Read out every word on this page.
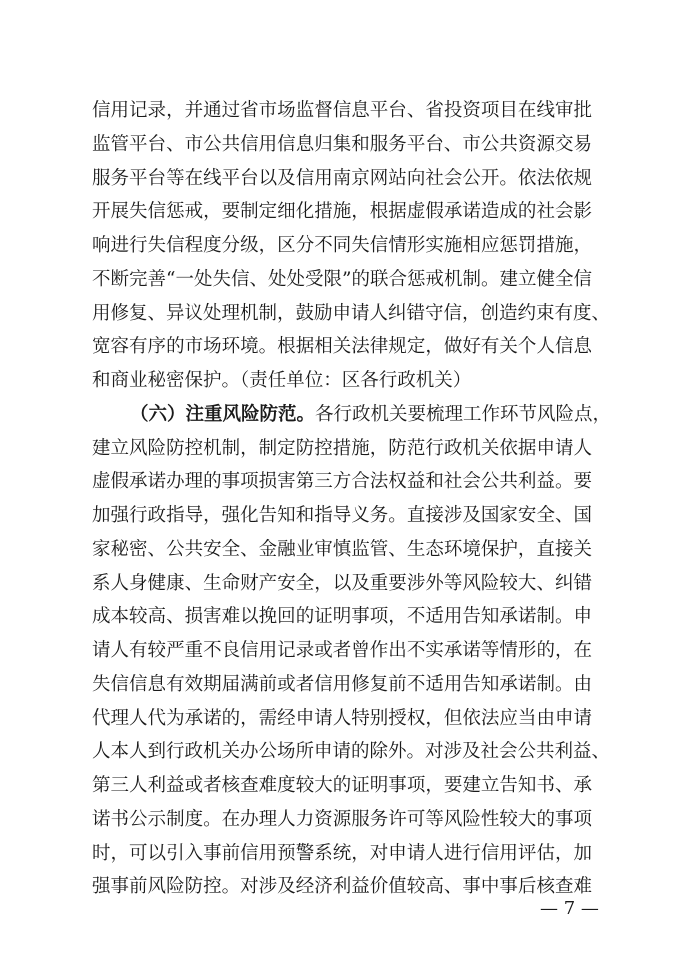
信用记录，并通过省市场监督信息平台、省投资项目在线审批
监管平台、市公共信用信息归集和服务平台、市公共资源交易
服务平台等在线平台以及信用南京网站向社会公开。依法依规
开展失信惩戒，要制定细化措施，根据虚假承诺造成的社会影
响进行失信程度分级，区分不同失信情形实施相应惩罚措施，
不断完善“一处失信、处处受限”的联合惩戒机制。建立健全信
用修复、异议处理机制，鼓励申请人纠错守信，创造约束有度、
宽容有序的市场环境。根据相关法律规定，做好有关个人信息
和商业秘密保护。（责任单位：区各行政机关）
（六）注重风险防范。各行政机关要梳理工作环节风险点，
建立风险防控机制，制定防控措施，防范行政机关依据申请人
虚假承诺办理的事项损害第三方合法权益和社会公共利益。要
加强行政指导，强化告知和指导义务。直接涉及国家安全、国
家秘密、公共安全、金融业审慎监管、生态环境保护，直接关
系人身健康、生命财产安全，以及重要涉外等风险较大、纠错
成本较高、损害难以挽回的证明事项，不适用告知承诺制。申
请人有较严重不良信用记录或者曾作出不实承诺等情形的，在
失信信息有效期届满前或者信用修复前不适用告知承诺制。由
代理人代为承诺的，需经申请人特别授权，但依法应当由申请
人本人到行政机关办公场所申请的除外。对涉及社会公共利益、
第三人利益或者核查难度较大的证明事项，要建立告知书、承
诺书公示制度。在办理人力资源服务许可等风险性较大的事项
时，可以引入事前信用预警系统，对申请人进行信用评估，加
强事前风险防控。对涉及经济利益价值较高、事中事后核查难
— 7 —
